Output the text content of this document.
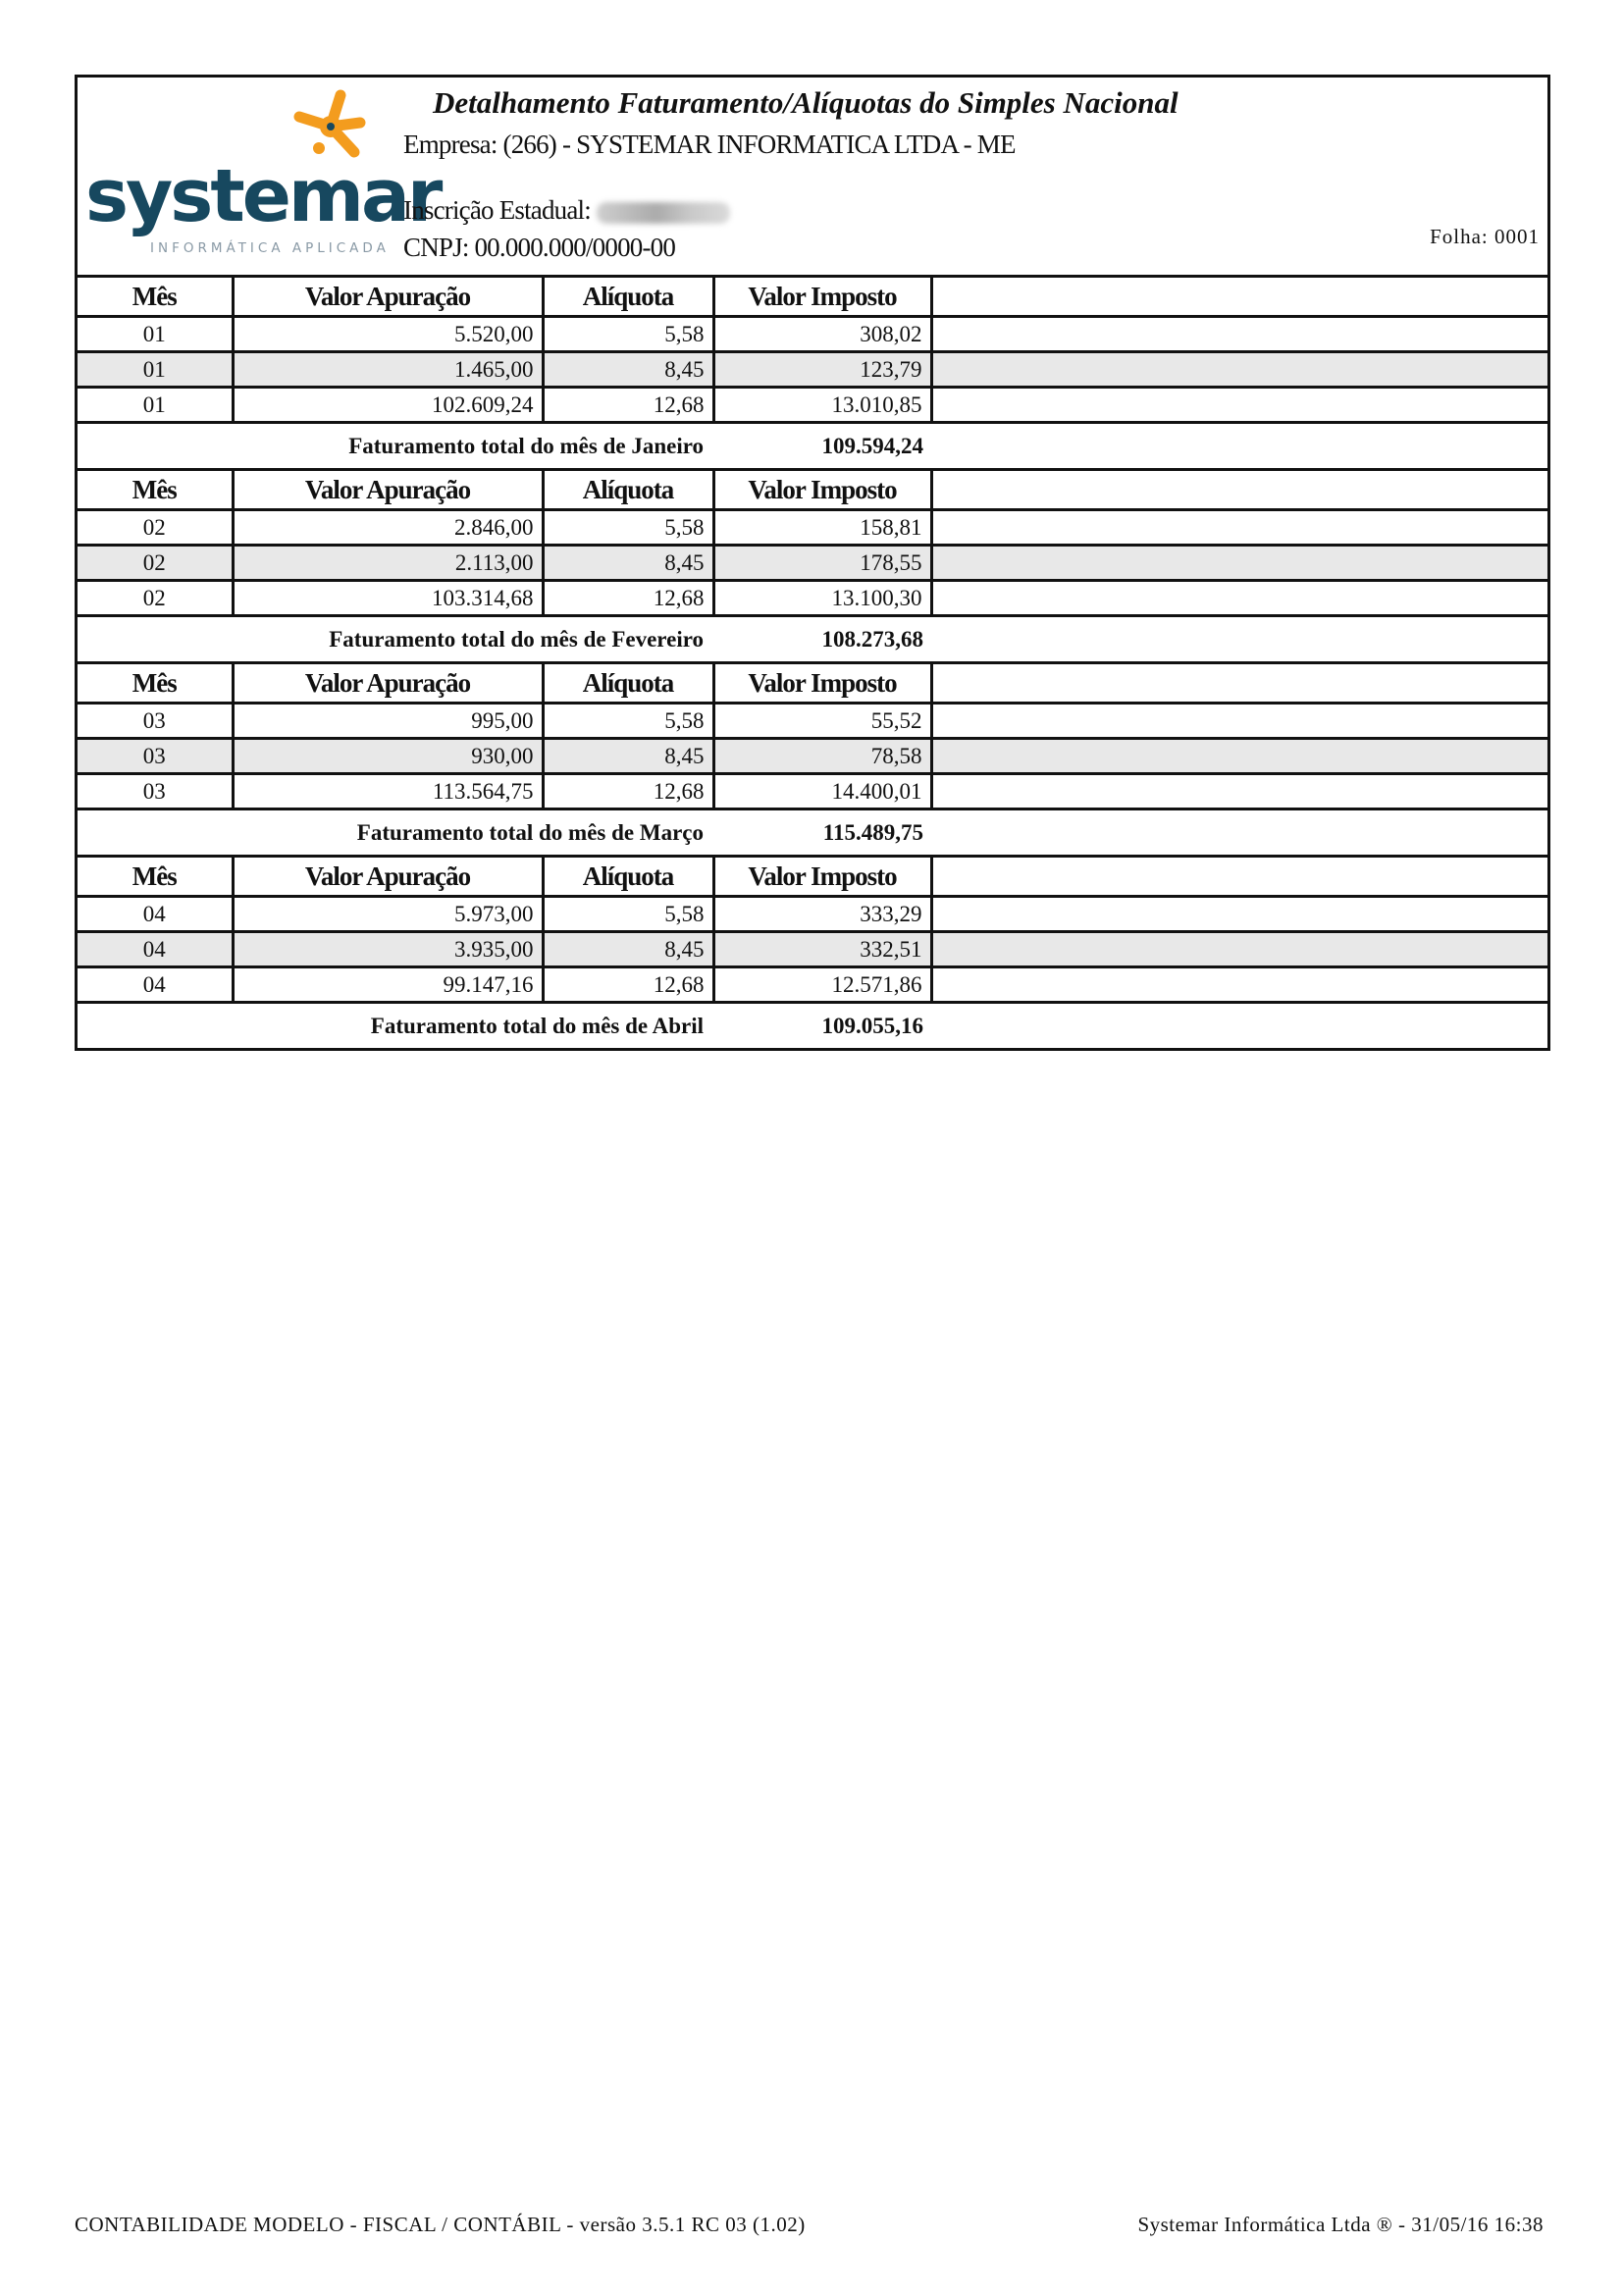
systemar
INFORMÁTICA APLICADA
Detalhamento Faturamento/Alíquotas do Simples Nacional
Empresa: (266) - SYSTEMAR INFORMATICA LTDA - ME
Inscrição Estadual:
CNPJ: 00.000.000/0000-00	Folha: 0001
Mês	Valor Apuração	Alíquota	Valor Imposto	
01	5.520,00	5,58	308,02	
01	1.465,00	8,45	123,79	
01	102.609,24	12,68	13.010,85	
Faturamento total do mês de Janeiro			109.594,24	
Mês	Valor Apuração	Alíquota	Valor Imposto	
02	2.846,00	5,58	158,81	
02	2.113,00	8,45	178,55	
02	103.314,68	12,68	13.100,30	
Faturamento total do mês de Fevereiro			108.273,68	
Mês	Valor Apuração	Alíquota	Valor Imposto	
03	995,00	5,58	55,52	
03	930,00	8,45	78,58	
03	113.564,75	12,68	14.400,01	
Faturamento total do mês de Março			115.489,75	
Mês	Valor Apuração	Alíquota	Valor Imposto	
04	5.973,00	5,58	333,29	
04	3.935,00	8,45	332,51	
04	99.147,16	12,68	12.571,86	
Faturamento total do mês de Abril			109.055,16	
CONTABILIDADE MODELO - FISCAL / CONTÁBIL - versão 3.5.1 RC 03 (1.02)	Systemar Informática Ltda ® - 31/05/16 16:38
